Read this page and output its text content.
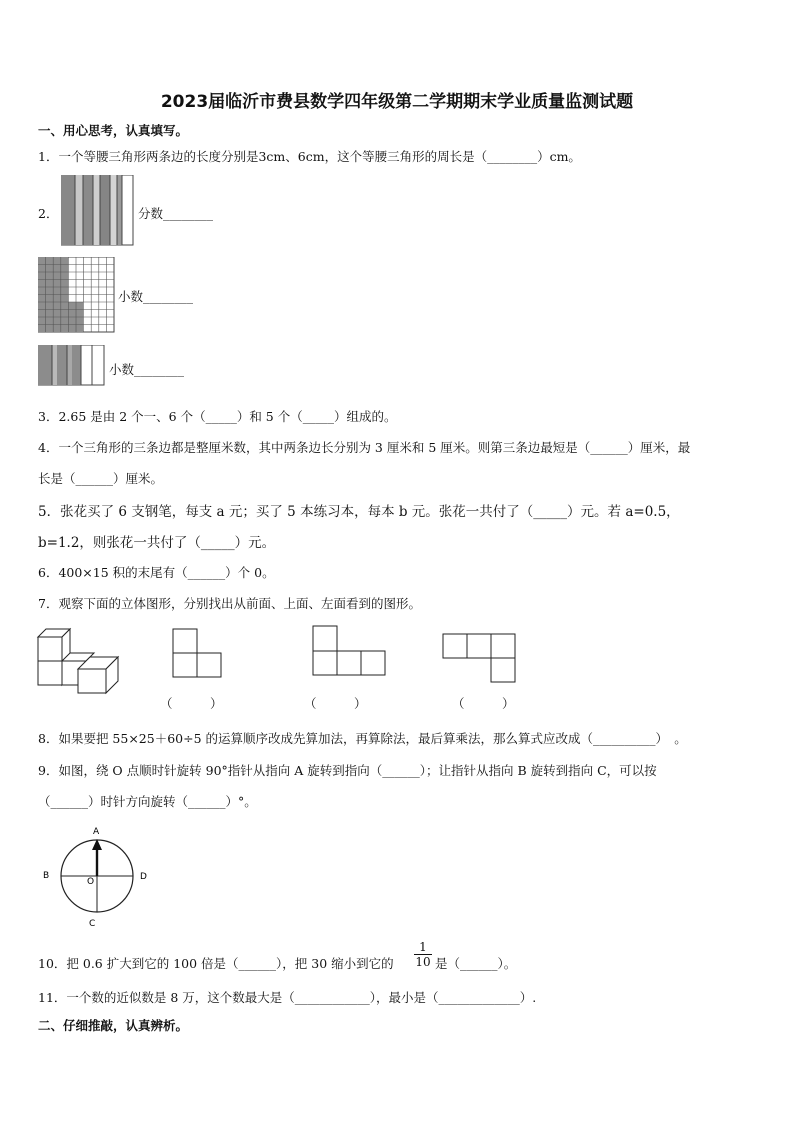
2023届临沂市费县数学四年级第二学期期末学业质量监测试题
一、用心思考，认真填写。
1．一个等腰三角形两条边的长度分别是3cm、6cm，这个等腰三角形的周长是（________）cm。
2．	分数________
小数________
小数________
3．2.65 是由 2 个一、6 个（_____）和 5 个（_____）组成的。
4．一个三角形的三条边都是整厘米数，其中两条边长分别为 3 厘米和 5 厘米。则第三条边最短是（______）厘米，最
长是（______）厘米。
5．张花买了 6 支钢笔，每支 a 元；买了 5 本练习本，每本 b 元。张花一共付了（_____）元。若 a=0.5，
b=1.2，则张花一共付了（_____）元。
6．400×15 积的末尾有（______）个 0。
7．观察下面的立体图形，分别找出从前面、上面、左面看到的图形。
（　　　）	（　　　）	（　　　）
8．如果要把 55×25＋60÷5 的运算顺序改成先算加法，再算除法，最后算乘法，那么算式应改成（__________）　。
9．如图，绕 O 点顺时针旋转 90°指针从指向 A 旋转到指向（______）；让指针从指向 B 旋转到指向 C，可以按
（______）时针方向旋转（______）°。
A
B	D
C
O
10．把 0.6 扩大到它的 100 倍是（______），把 30 缩小到它的 $\frac{1}{10}$ 是（______）。
11．一个数的近似数是 8 万，这个数最大是（____________），最小是（_____________）.
二、仔细推敲，认真辨析。
